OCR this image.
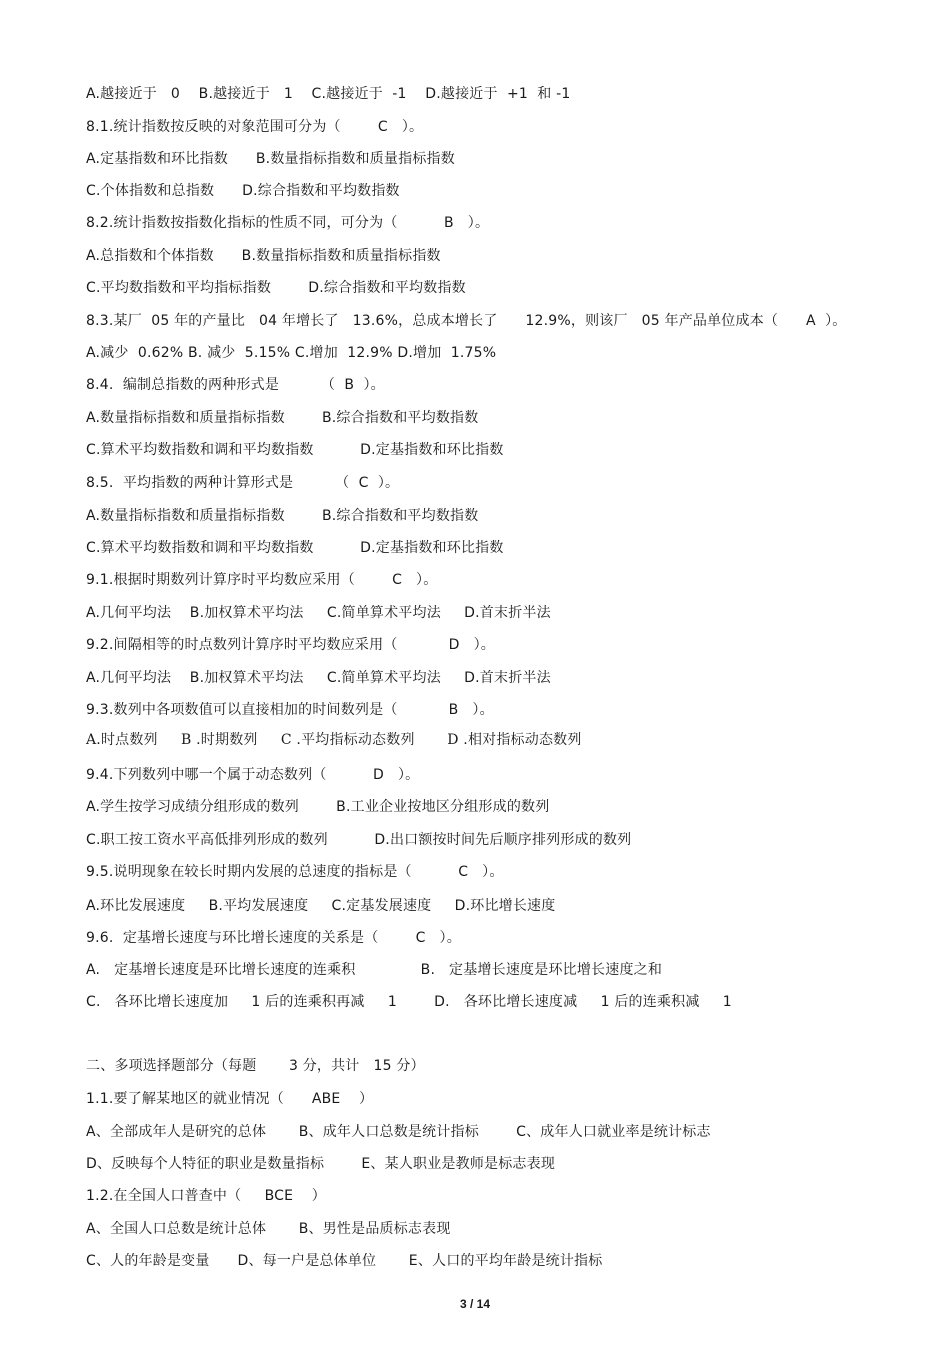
A.越接近于   0    B.越接近于   1    C.越接近于  -1    D.越接近于  +1  和 -1
8.1.统计指数按反映的对象范围可分为（        C   ）。
A.定基指数和环比指数      B.数量指标指数和质量指标指数
C.个体指数和总指数      D.综合指数和平均数指数
8.2.统计指数按指数化指标的性质不同，可分为（          B   ）。
A.总指数和个体指数      B.数量指标指数和质量指标指数
C.平均数指数和平均指标指数        D.综合指数和平均数指数
8.3.某厂  05 年的产量比   04 年增长了   13.6%，总成本增长了      12.9%，则该厂   05 年产品单位成本（      A  ）。
A.减少  0.62% B. 减少  5.15% C.增加  12.9% D.增加  1.75%
8.4.  编制总指数的两种形式是         （  B  ）。
A.数量指标指数和质量指标指数        B.综合指数和平均数指数
C.算术平均数指数和调和平均数指数          D.定基指数和环比指数
8.5.  平均指数的两种计算形式是         （  C  ）。
A.数量指标指数和质量指标指数        B.综合指数和平均数指数
C.算术平均数指数和调和平均数指数          D.定基指数和环比指数
9.1.根据时期数列计算序时平均数应采用（        C   ）。
A.几何平均法    B.加权算术平均法     C.简单算术平均法     D.首末折半法
9.2.间隔相等的时点数列计算序时平均数应采用（           D   ）。
A.几何平均法    B.加权算术平均法     C.简单算术平均法     D.首末折半法
9.3.数列中各项数值可以直接相加的时间数列是（           B   ）。
A.时点数列     B .时期数列     C .平均指标动态数列       D .相对指标动态数列
9.4.下列数列中哪一个属于动态数列（          D   ）。
A.学生按学习成绩分组形成的数列        B.工业企业按地区分组形成的数列
C.职工按工资水平高低排列形成的数列          D.出口额按时间先后顺序排列形成的数列
9.5.说明现象在较长时期内发展的总速度的指标是（          C   ）。
A.环比发展速度     B.平均发展速度     C.定基发展速度     D.环比增长速度
9.6.  定基增长速度与环比增长速度的关系是（        C   ）。
A.   定基增长速度是环比增长速度的连乘积              B.   定基增长速度是环比增长速度之和
C.   各环比增长速度加     1 后的连乘积再减     1        D.   各环比增长速度减     1 后的连乘积减     1
二、多项选择题部分（每题       3 分，共计   15 分）
1.1.要了解某地区的就业情况（      ABE    ）
A、全部成年人是研究的总体       B、成年人口总数是统计指标        C、成年人口就业率是统计标志
D、反映每个人特征的职业是数量指标        E、某人职业是教师是标志表现
1.2.在全国人口普查中（     BCE    ）
A、全国人口总数是统计总体       B、男性是品质标志表现
C、人的年龄是变量      D、每一户是总体单位       E、人口的平均年龄是统计指标
3 / 14
